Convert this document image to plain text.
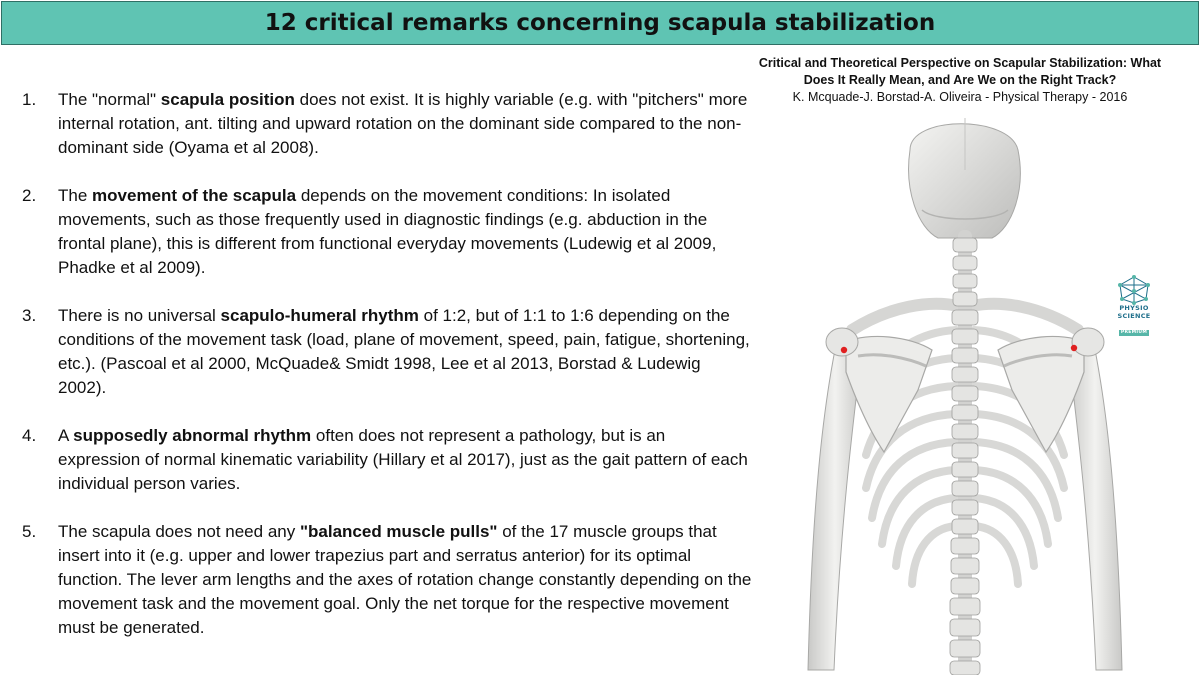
12 critical remarks concerning scapula stabilization
1.	The "normal" scapula position does not exist. It is highly variable (e.g. with "pitchers" more internal rotation, ant. tilting and upward rotation on the dominant side compared to the non-dominant side (Oyama et al 2008).
2.	The movement of the scapula depends on the movement conditions: In isolated movements, such as those frequently used in diagnostic findings (e.g. abduction in the frontal plane), this is different from functional everyday movements (Ludewig et al 2009, Phadke et al 2009).
3.	There is no universal scapulo-humeral rhythm of 1:2, but of 1:1 to 1:6 depending on the conditions of the movement task (load, plane of movement, speed, pain, fatigue, shortening, etc.). (Pascoal et al 2000, McQuade& Smidt 1998, Lee et al 2013, Borstad & Ludewig 2002).
4.	A supposedly abnormal rhythm often does not represent a pathology, but is an expression of normal kinematic variability (Hillary et al 2017), just as the gait pattern of each individual person varies.
5.	The scapula does not need any "balanced muscle pulls" of the 17 muscle groups that insert into it (e.g. upper and lower trapezius part and serratus anterior) for its optimal function. The lever arm lengths and the axes of rotation change constantly depending on the movement task and the movement goal. Only the net torque for the respective movement must be generated.
Critical and Theoretical Perspective on Scapular Stabilization: What Does It Really Mean, and Are We on the Right Track?
K. Mcquade-J. Borstad-A. Oliveira - Physical Therapy - 2016
PHYSIO
SCIENCE
PREMIUM
